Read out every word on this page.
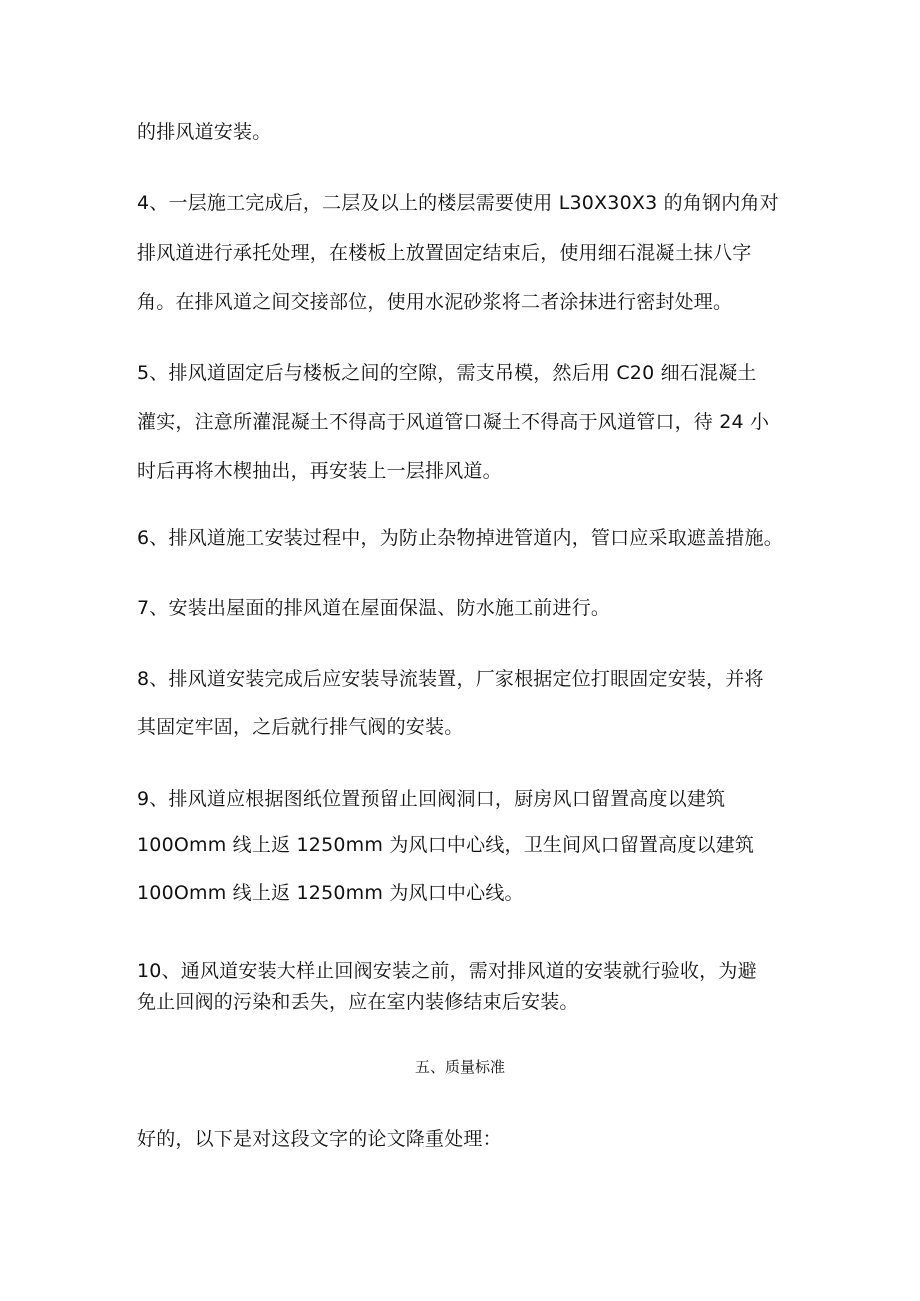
的排风道安装。
4、一层施工完成后，二层及以上的楼层需要使用 L30X30X3 的角钢内角对
排风道进行承托处理，在楼板上放置固定结束后，使用细石混凝土抹八字
角。在排风道之间交接部位，使用水泥砂浆将二者涂抹进行密封处理。
5、排风道固定后与楼板之间的空隙，需支吊模，然后用 C20 细石混凝土
灌实，注意所灌混凝土不得高于风道管口凝土不得高于风道管口，待 24 小
时后再将木楔抽出，再安装上一层排风道。
6、排风道施工安装过程中，为防止杂物掉进管道内，管口应采取遮盖措施。
7、安装出屋面的排风道在屋面保温、防水施工前进行。
8、排风道安装完成后应安装导流装置，厂家根据定位打眼固定安装，并将
其固定牢固，之后就行排气阀的安装。
9、排风道应根据图纸位置预留止回阀洞口，厨房风口留置高度以建筑
100Omm 线上返 1250mm 为风口中心线，卫生间风口留置高度以建筑
100Omm 线上返 1250mm 为风口中心线。
10、通风道安装大样止回阀安装之前，需对排风道的安装就行验收，为避
免止回阀的污染和丢失，应在室内装修结束后安装。
五、质量标准
好的，以下是对这段文字的论文降重处理：
